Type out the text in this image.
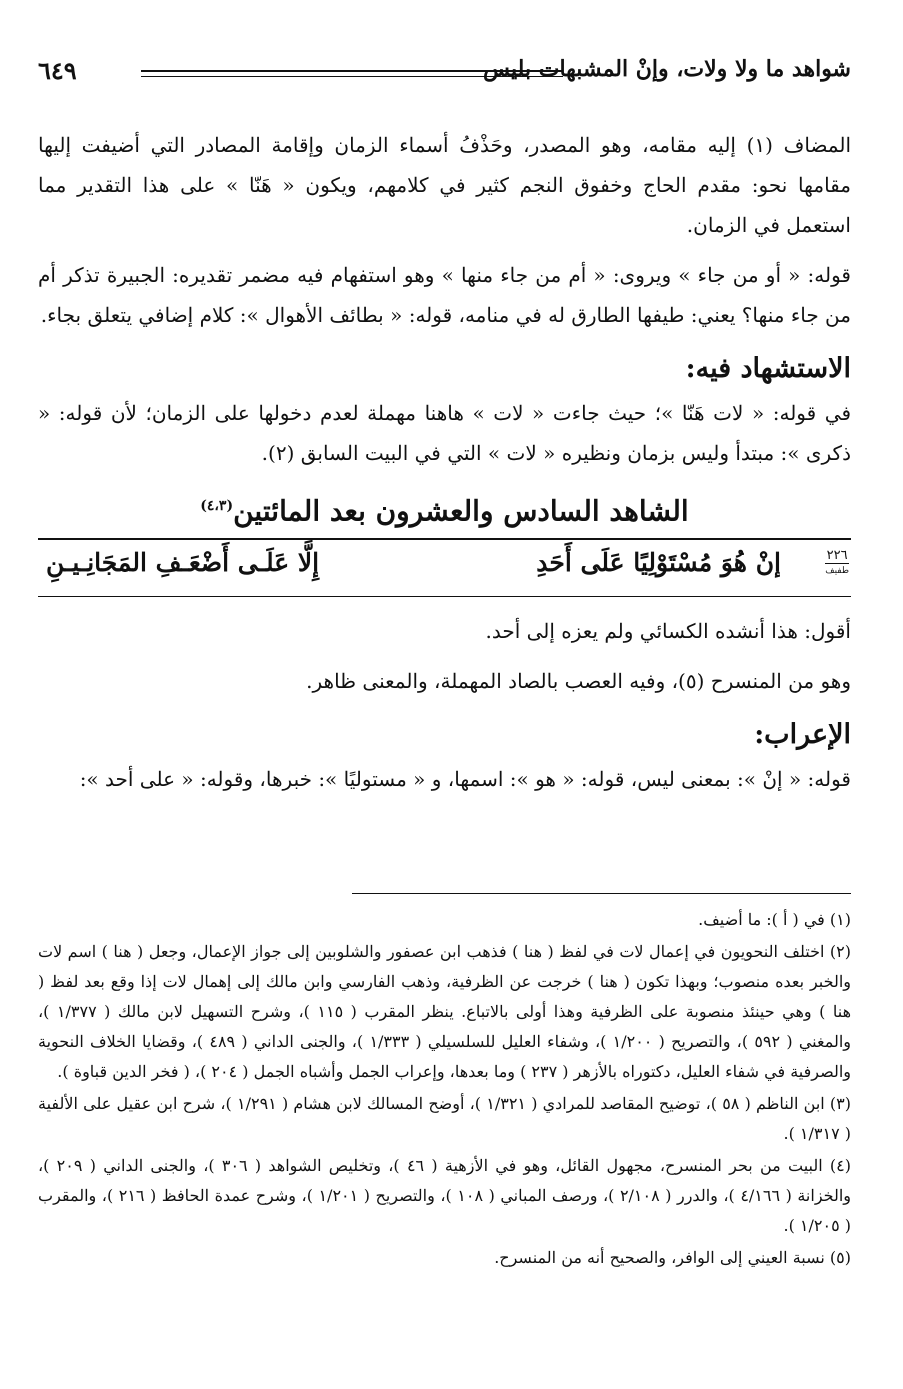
شواهد ما ولا ولات، وإنْ المشبهات بليس
٦٤٩

المضاف (١) إليه مقامه، وهو المصدر، وحَذْفُ أسماء الزمان وإقامة المصادر التي أضيفت إليها مقامها نحو: مقدم الحاج وخفوق النجم كثير في كلامهم، ويكون « هَنّا » على هذا التقدير مما استعمل في الزمان.

قوله: « أو من جاء » ويروى: « أم من جاء منها » وهو استفهام فيه مضمر تقديره: الجبيرة تذكر أم من جاء منها؟ يعني: طيفها الطارق له في منامه، قوله: « بطائف الأهوال »: كلام إضافي يتعلق بجاء.

الاستشهاد فيه:

في قوله: « لات هَنّا »؛ حيث جاءت « لات » هاهنا مهملة لعدم دخولها على الزمان؛ لأن قوله: « ذكرى »: مبتدأ وليس بزمان ونظيره « لات » التي في البيت السابق (٢).

الشاهد السادس والعشرون بعد المائتين$^{(٤،٣)}$
٢٢٦
طفيف
إنْ هُوَ مُسْتَوْلِيًا عَلَى أَحَدِ
إِلَّا عَلَـى أَضْعَـفِ المَجَانِـيـنِ

أقول: هذا أنشده الكسائي ولم يعزه إلى أحد.

وهو من المنسرح (٥)، وفيه العصب بالصاد المهملة، والمعنى ظاهر.

الإعراب:

قوله: « إنْ »: بمعنى ليس، قوله: « هو »: اسمها، و « مستوليًا »: خبرها، وقوله: « على أحد »:

(١) في ( أ ): ما أضيف.

(٢) اختلف النحويون في إعمال لات في لفظ ( هنا ) فذهب ابن عصفور والشلوبين إلى جواز الإعمال، وجعل ( هنا ) اسم لات والخبر بعده منصوب؛ وبهذا تكون ( هنا ) خرجت عن الظرفية، وذهب الفارسي وابن مالك إلى إهمال لات إذا وقع بعد لفظ ( هنا ) وهي حينئذ منصوبة على الظرفية وهذا أولى بالاتباع. ينظر المقرب ( ١١٥ )، وشرح التسهيل لابن مالك ( ١/٣٧٧ )، والمغني ( ٥٩٢ )، والتصريح ( ١/٢٠٠ )، وشفاء العليل للسلسيلي ( ١/٣٣٣ )، والجنى الداني ( ٤٨٩ )، وقضايا الخلاف النحوية والصرفية في شفاء العليل، دكتوراه بالأزهر ( ٢٣٧ ) وما بعدها، وإعراب الجمل وأشباه الجمل ( ٢٠٤ )، ( فخر الدين قباوة ).

(٣) ابن الناظم ( ٥٨ )، توضيح المقاصد للمرادي ( ١/٣٢١ )، أوضح المسالك لابن هشام ( ١/٢٩١ )، شرح ابن عقيل على الألفية ( ١/٣١٧ ).

(٤) البيت من بحر المنسرح، مجهول القائل، وهو في الأزهية ( ٤٦ )، وتخليص الشواهد ( ٣٠٦ )، والجنى الداني ( ٢٠٩ )، والخزانة ( ٤/١٦٦ )، والدرر ( ٢/١٠٨ )، ورصف المباني ( ١٠٨ )، والتصريح ( ١/٢٠١ )، وشرح عمدة الحافظ ( ٢١٦ )، والمقرب ( ١/٢٠٥ ).

(٥) نسبة العيني إلى الوافر، والصحيح أنه من المنسرح.
